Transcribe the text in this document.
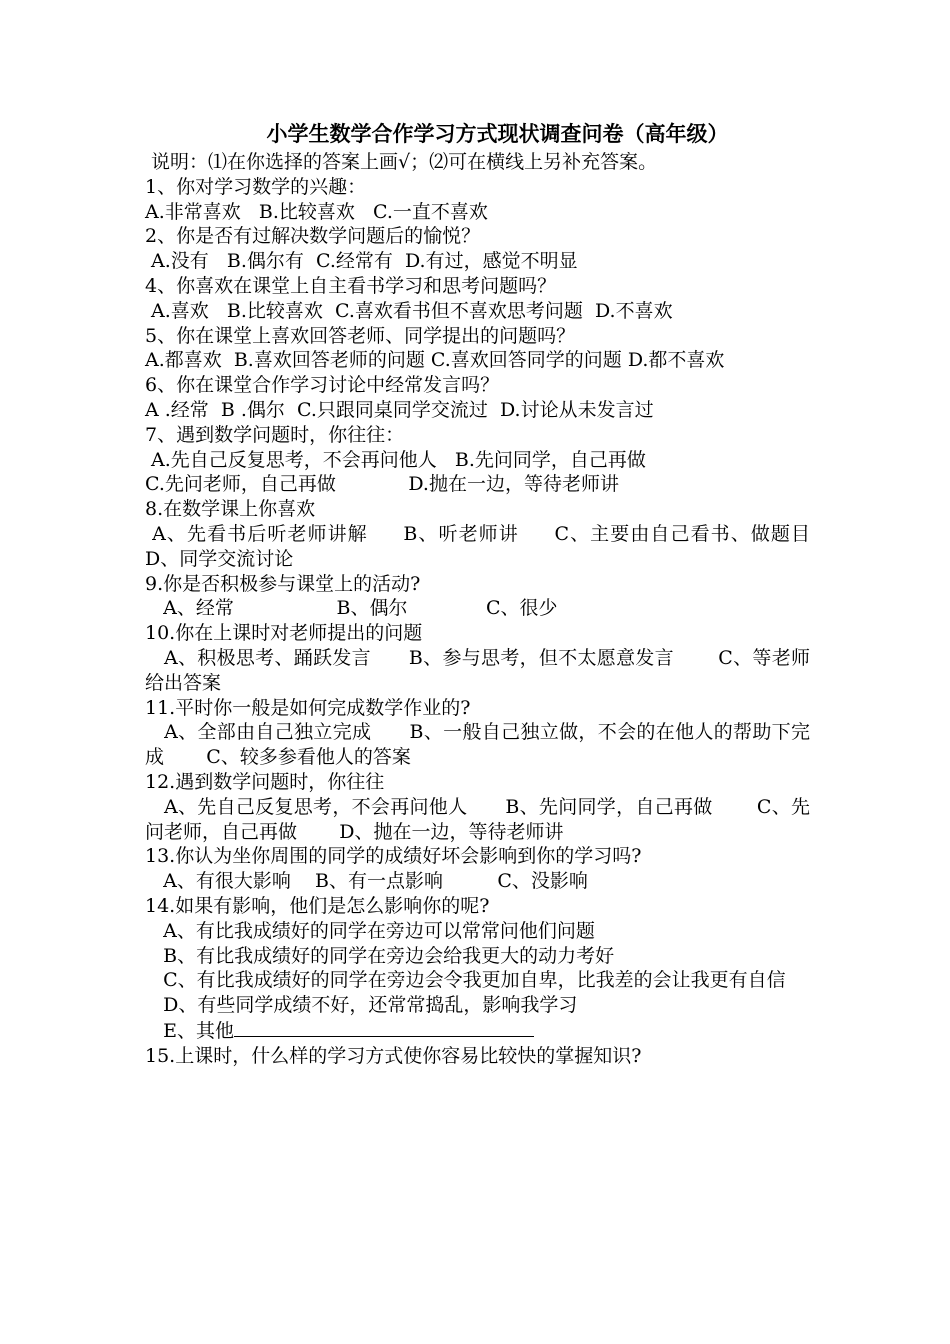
小学生数学合作学习方式现状调查问卷（高年级）
说明：⑴在你选择的答案上画√；⑵可在横线上另补充答案。
1、你对学习数学的兴趣：
A.非常喜欢   B.比较喜欢   C.一直不喜欢
2、你是否有过解决数学问题后的愉悦？
A.没有   B.偶尔有  C.经常有  D.有过，感觉不明显
4、你喜欢在课堂上自主看书学习和思考问题吗？
A.喜欢   B.比较喜欢  C.喜欢看书但不喜欢思考问题  D.不喜欢
5、你在课堂上喜欢回答老师、同学提出的问题吗？
A.都喜欢  B.喜欢回答老师的问题 C.喜欢回答同学的问题 D.都不喜欢
6、你在课堂合作学习讨论中经常发言吗？
A .经常  B .偶尔  C.只跟同桌同学交流过  D.讨论从未发言过
7、遇到数学问题时，你往往：
A.先自己反复思考，不会再问他人   B.先问同学，自己再做
C.先问老师，自己再做            D.抛在一边，等待老师讲
8.在数学课上你喜欢
A、先看书后听老师讲解     B、听老师讲     C、主要由自己看书、做题目     D、同学交流讨论
9.你是否积极参与课堂上的活动?
A、经常                 B、偶尔             C、很少
10.你在上课时对老师提出的问题
A、积极思考、踊跃发言      B、参与思考，但不太愿意发言       C、等老师给出答案
11.平时你一般是如何完成数学作业的?
A、全部由自己独立完成      B、一般自己独立做，不会的在他人的帮助下完成       C、较多参看他人的答案
12.遇到数学问题时，你往往
A、先自己反复思考，不会再问他人      B、先问同学，自己再做       C、先问老师，自己再做       D、抛在一边，等待老师讲
13.你认为坐你周围的同学的成绩好坏会影响到你的学习吗?
A、有很大影响    B、有一点影响         C、没影响
14.如果有影响，他们是怎么影响你的呢?
A、有比我成绩好的同学在旁边可以常常问他们问题
B、有比我成绩好的同学在旁边会给我更大的动力考好
C、有比我成绩好的同学在旁边会令我更加自卑，比我差的会让我更有自信
D、有些同学成绩不好，还常常捣乱，影响我学习
E、其他
15.上课时，什么样的学习方式使你容易比较快的掌握知识?
